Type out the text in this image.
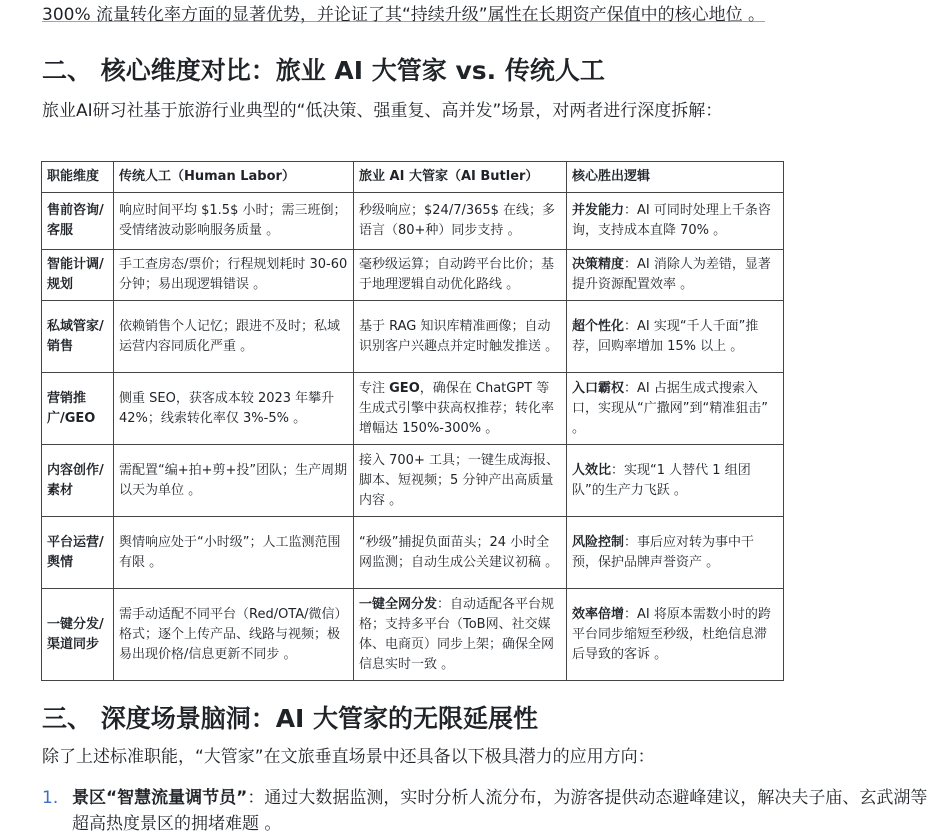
300% 流量转化率方面的显著优势，并论证了其“持续升级”属性在长期资产保值中的核心地位 。
二、 核心维度对比：旅业 AI 大管家 vs. 传统人工
旅业AI研习社基于旅游行业典型的“低决策、强重复、高并发”场景，对两者进行深度拆解：
职能维度	传统人工（Human Labor）	旅业 AI 大管家（AI Butler）	核心胜出逻辑
售前咨询/客服	响应时间平均 $1.5$ 小时；需三班倒；受情绪波动影响服务质量 。	秒级响应；$24/7/365$ 在线；多语言（80+种）同步支持 。	并发能力：AI 可同时处理上千条咨询，支持成本直降 70% 。
智能计调/规划	手工查房态/票价；行程规划耗时 30-60 分钟；易出现逻辑错误 。	毫秒级运算；自动跨平台比价；基于地理逻辑自动优化路线 。	决策精度：AI 消除人为差错，显著提升资源配置效率 。
私域管家/销售	依赖销售个人记忆；跟进不及时；私域运营内容同质化严重 。	基于 RAG 知识库精准画像；自动识别客户兴趣点并定时触发推送 。	超个性化：AI 实现“千人千面”推荐，回购率增加 15% 以上 。
营销推广/GEO	侧重 SEO，获客成本较 2023 年攀升 42%；线索转化率仅 3%-5% 。	专注 GEO，确保在 ChatGPT 等生成式引擎中获高权推荐；转化率增幅达 150%-300% 。	入口霸权：AI 占据生成式搜索入口，实现从“广撒网”到“精准狙击” 。
内容创作/素材	需配置“编+拍+剪+投”团队；生产周期以天为单位 。	接入 700+ 工具；一键生成海报、脚本、短视频；5 分钟产出高质量内容 。	人效比：实现“1 人替代 1 组团队”的生产力飞跃 。
平台运营/舆情	舆情响应处于“小时级”；人工监测范围有限 。	“秒级”捕捉负面苗头；24 小时全网监测；自动生成公关建议初稿 。	风险控制：事后应对转为事中干预，保护品牌声誉资产 。
一键分发/渠道同步	需手动适配不同平台（Red/OTA/微信）格式；逐个上传产品、线路与视频；极易出现价格/信息更新不同步 。	一键全网分发：自动适配各平台规格；支持多平台（ToB网、社交媒体、电商页）同步上架；确保全网信息实时一致 。	效率倍增：AI 将原本需数小时的跨平台同步缩短至秒级，杜绝信息滞后导致的客诉 。
三、 深度场景脑洞：AI 大管家的无限延展性
除了上述标准职能，“大管家”在文旅垂直场景中还具备以下极具潜力的应用方向：
1. 景区“智慧流量调节员”：通过大数据监测，实时分析人流分布，为游客提供动态避峰建议，解决夫子庙、玄武湖等超高热度景区的拥堵难题 。
